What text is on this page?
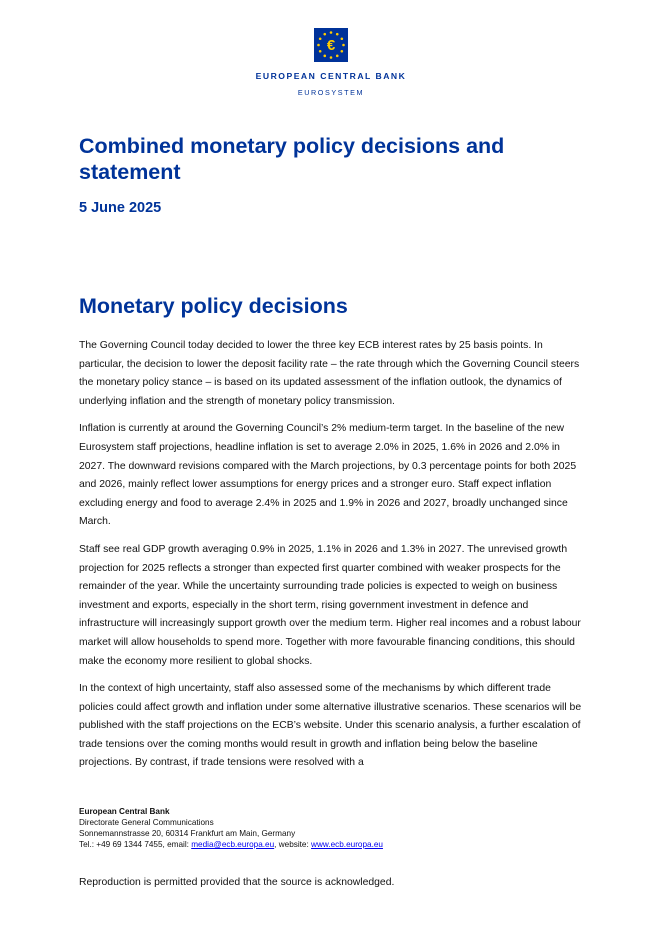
€
EUROPEAN CENTRAL BANK
EUROSYSTEM
Combined monetary policy decisions and statement
5 June 2025
Monetary policy decisions

The Governing Council today decided to lower the three key ECB interest rates by 25 basis points. In particular, the decision to lower the deposit facility rate – the rate through which the Governing Council steers the monetary policy stance – is based on its updated assessment of the inflation outlook, the dynamics of underlying inflation and the strength of monetary policy transmission.

Inflation is currently at around the Governing Council’s 2% medium-term target. In the baseline of the new Eurosystem staff projections, headline inflation is set to average 2.0% in 2025, 1.6% in 2026 and 2.0% in 2027. The downward revisions compared with the March projections, by 0.3 percentage points for both 2025 and 2026, mainly reflect lower assumptions for energy prices and a stronger euro. Staff expect inflation excluding energy and food to average 2.4% in 2025 and 1.9% in 2026 and 2027, broadly unchanged since March.

Staff see real GDP growth averaging 0.9% in 2025, 1.1% in 2026 and 1.3% in 2027. The unrevised growth projection for 2025 reflects a stronger than expected first quarter combined with weaker prospects for the remainder of the year. While the uncertainty surrounding trade policies is expected to weigh on business investment and exports, especially in the short term, rising government investment in defence and infrastructure will increasingly support growth over the medium term. Higher real incomes and a robust labour market will allow households to spend more. Together with more favourable financing conditions, this should make the economy more resilient to global shocks.

In the context of high uncertainty, staff also assessed some of the mechanisms by which different trade policies could affect growth and inflation under some alternative illustrative scenarios. These scenarios will be published with the staff projections on the ECB’s website. Under this scenario analysis, a further escalation of trade tensions over the coming months would result in growth and inflation being below the baseline projections. By contrast, if trade tensions were resolved with a

European Central Bank
Directorate General Communications
Sonnemannstrasse 20, 60314 Frankfurt am Main, Germany
Tel.: +49 69 1344 7455, email: media@ecb.europa.eu, website: www.ecb.europa.eu
Reproduction is permitted provided that the source is acknowledged.
